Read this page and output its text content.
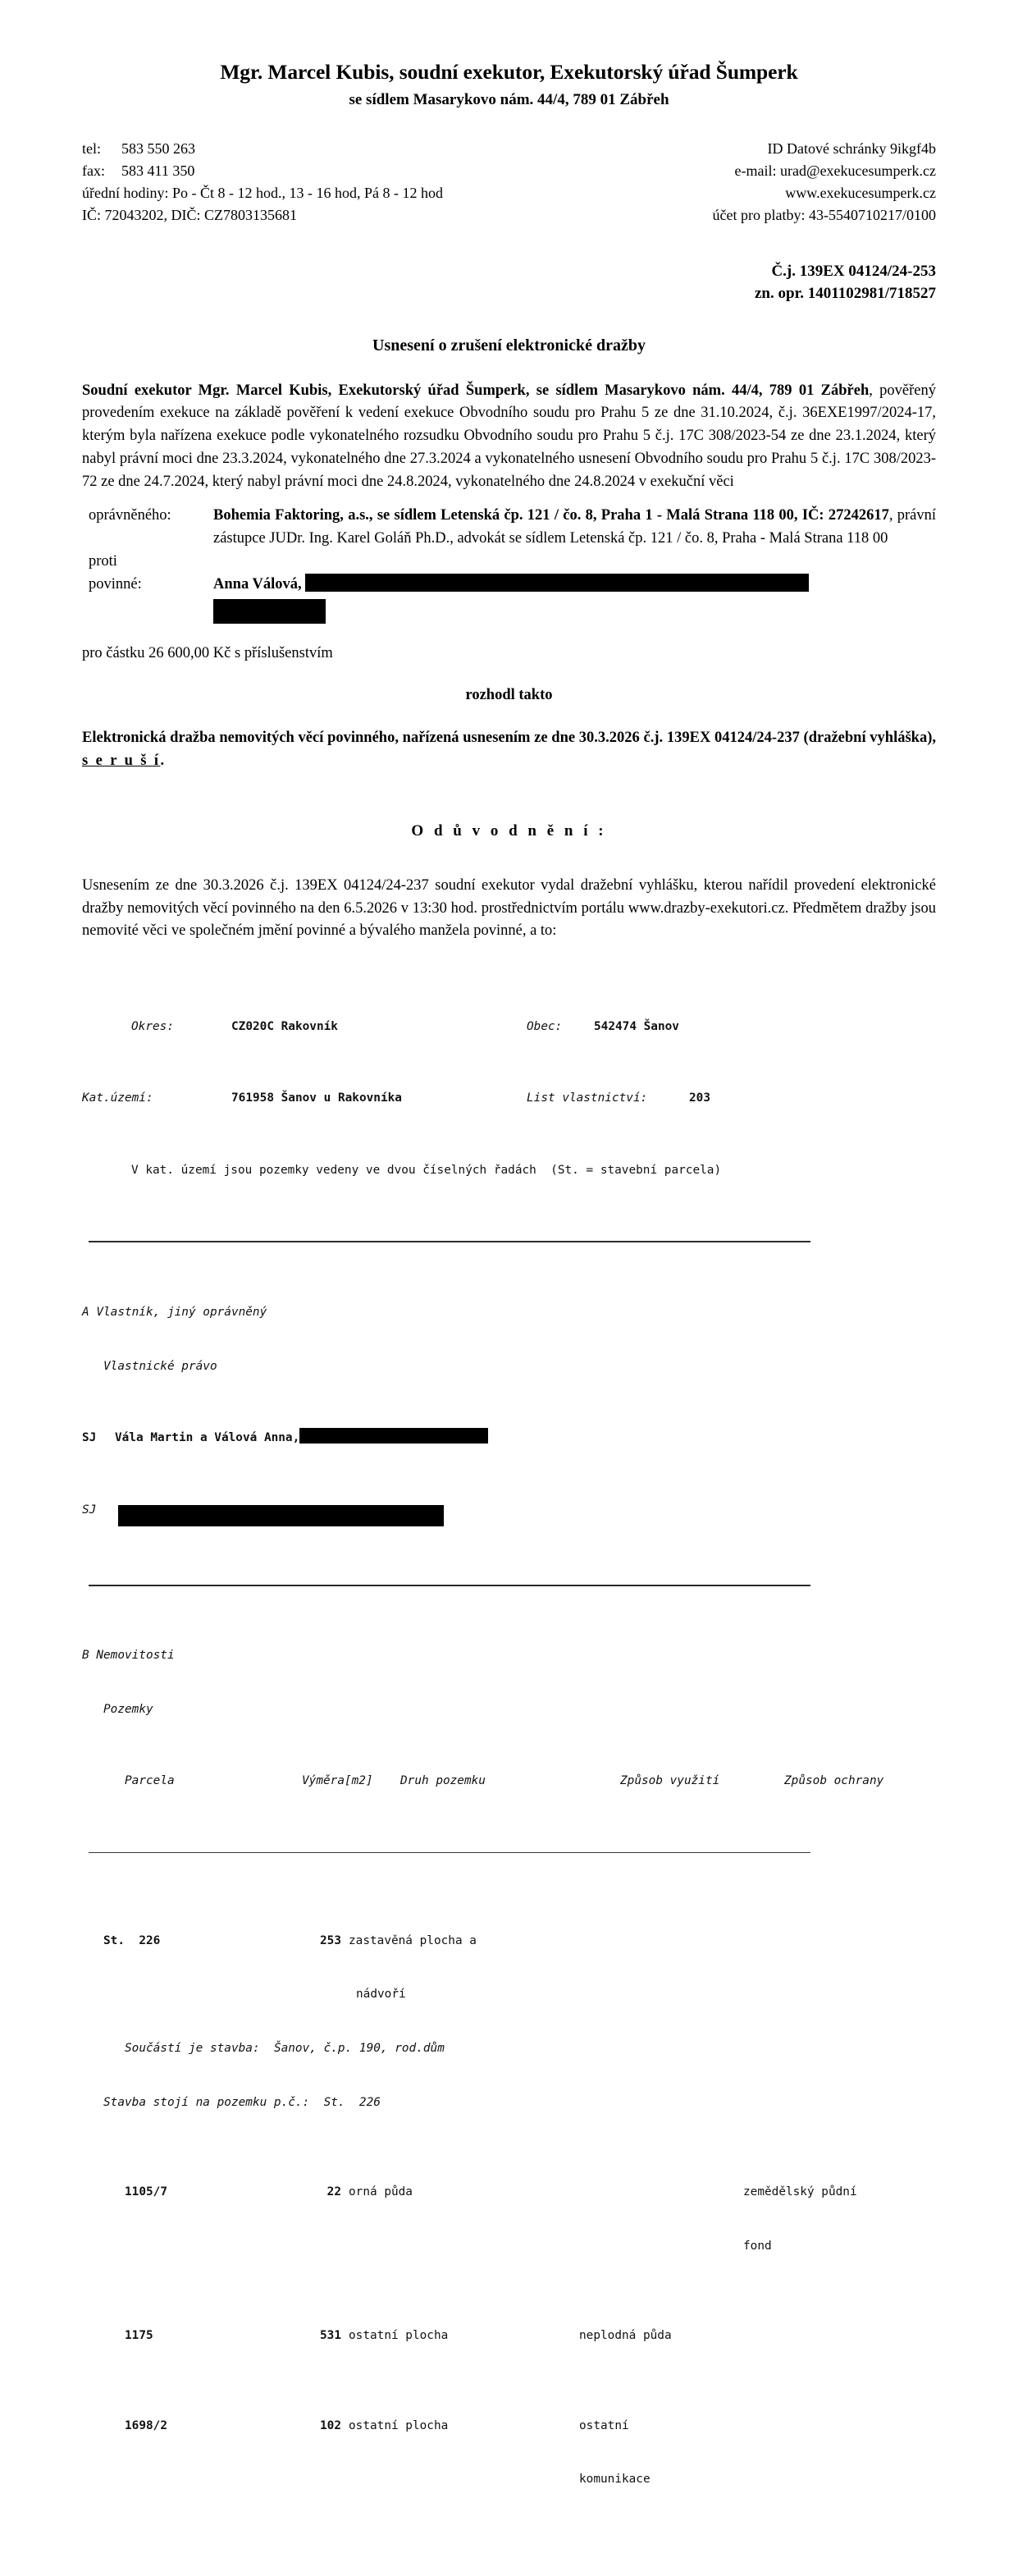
Mgr. Marcel Kubis, soudní exekutor, Exekutorský úřad Šumperk
se sídlem Masarykovo nám. 44/4, 789 01 Zábřeh
tel: 583 550 263
fax: 583 411 350
úřední hodiny: Po - Čt 8 - 12 hod., 13 - 16 hod, Pá 8 - 12 hod
IČ: 72043202, DIČ: CZ7803135681
ID Datové schránky 9ikgf4b
e-mail: urad@exekucesumperk.cz
www.exekucesumperk.cz
účet pro platby: 43-5540710217/0100
Č.j. 139EX 04124/24-253
zn. opr. 1401102981/718527
Usnesení o zrušení elektronické dražby

Soudní exekutor Mgr. Marcel Kubis, Exekutorský úřad Šumperk, se sídlem Masarykovo nám. 44/4, 789 01 Zábřeh, pověřený provedením exekuce na základě pověření k vedení exekuce Obvodního soudu pro Prahu 5 ze dne 31.10.2024, č.j. 36EXE1997/2024-17, kterým byla nařízena exekuce podle vykonatelného rozsudku Obvodního soudu pro Prahu 5 č.j. 17C 308/2023-54 ze dne 23.1.2024, který nabyl právní moci dne 23.3.2024, vykonatelného dne 27.3.2024 a vykonatelného usnesení Obvodního soudu pro Prahu 5 č.j. 17C 308/2023-72 ze dne 24.7.2024, který nabyl právní moci dne 24.8.2024, vykonatelného dne 24.8.2024 v exekuční věci

oprávněného:	Bohemia Faktoring, a.s., se sídlem Letenská čp. 121 / čo. 8, Praha 1 - Malá Strana 118 00, IČ: 27242617, právní zástupce JUDr. Ing. Karel Goláň Ph.D., advokát se sídlem Letenská čp. 121 / čo. 8, Praha - Malá Strana 118 00
proti
povinné:	Anna Válová,

pro částku 26 600,00 Kč s příslušenstvím

rozhodl takto

Elektronická dražba nemovitých věcí povinného, nařízená usnesením ze dne 30.3.2026 č.j. 139EX 04124/24-237 (dražební vyhláška), s e r u š í.

O d ů v o d n ě n í :

Usnesením ze dne 30.3.2026 č.j. 139EX 04124/24-237 soudní exekutor vydal dražební vyhlášku, kterou nařídil provedení elektronické dražby nemovitých věcí povinného na den 6.5.2026 v 13:30 hod. prostřednictvím portálu www.drazby-exekutori.cz. Předmětem dražby jsou nemovité věci ve společném jmění povinné a bývalého manžela povinné, a to:

Okres:	CZ020C Rakovník	Obec:	542474 Šanov

Kat.území:	761958 Šanov u Rakovníka	List vlastnictví:	203

V kat. území jsou pozemky vedeny ve dvou číselných řadách  (St. = stavební parcela)

A Vlastník, jiný oprávněný

Vlastnické právo

SJ	Vála Martin a Válová Anna,

SJ

B Nemovitosti

Pozemky

Parcela	Výměra[m2]	Druh pozemku	Způsob využití	Způsob ochrany

St.  226	253 zastavěná plocha a

nádvoří

Součástí je stavba:  Šanov, č.p. 190, rod.dům

Stavba stojí na pozemku p.č.:  St.  226

1105/7	22 orná půda	zemědělský půdní

fond

1175	531 ostatní plocha	neplodná půda

1698/2	102 ostatní plocha	ostatní

komunikace
